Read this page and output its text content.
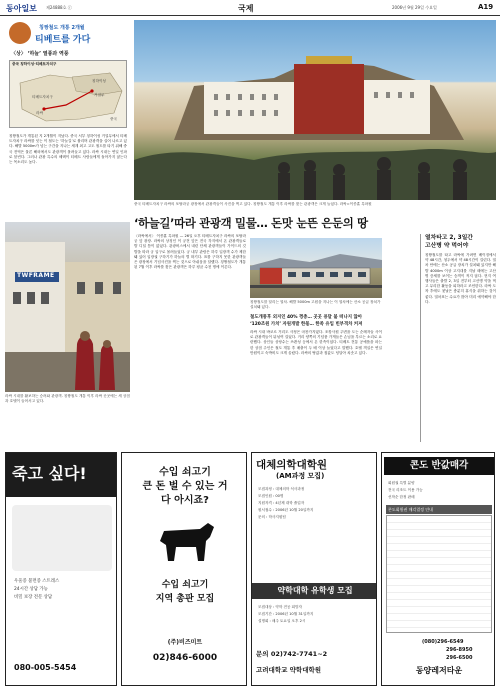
동아일보 제24888호 ⓒ	국제	2006년 9월 29일 수요일	A19
칭짱철도 개통 2개월
티베트를 가다
〈상〉 ‘하늘’ 열풍과 역풍
중국 칭하이성-티베트자치구
칭하이성
거얼무
라싸
티베트자치구
중국
칭짱철도가 개통된 지 2개월이 지났다. 중국 서부 칭하이성 거얼무에서 티베트자치구 라싸를 잇는 이 철도는 ‘하늘길’로 불리며 관광객을 실어 나르고 있다. 해발 5000m가 넘는 구간을 지나는 세계 최고 고도 철도를 타기 위해 중국 전역은 물론 해외에서도 관광객이 몰려들고 있다. 라싸 시내는 연일 인파로 붐빈다. 그러나 관광 특수의 혜택이 티베트 사람들에게 돌아가지 않는다는 목소리도 높다.
중국 티베트자치구 라싸의 포탈라궁 광장에서 관광객들이 사진을 찍고 있다. 칭짱철도 개통 이후 라싸를 찾는 관광객은 크게 늘었다. 라싸=이종훈 특파원
‘하늘길’따라 관광객 밀물… 돈맛 눈뜬 은둔의 땅
칭짱철도를 달리는 열차. 해발 5000m 고원을 지나는 이 열차에는 산소 공급 장치가 설치돼 있다.
철도개통후 외지인 40% 껑충… 곳곳 용달 불 떠나지 않아
‘120조원 가치’ 자원개발 한몫… 한족 유입 빈부격차 커져
TWFRAME
라싸 시내를 활보하는 승려와 관광객. 칭짱철도 개통 이후 라싸 곳곳에는 새 상점과 호텔이 들어서고 있다.
〈라싸에서〉 이종훈 특파원 — 26일 오후 티베트자치구 라싸의 포탈라궁 앞 광장. 라싸의 상징인 이 궁전 앞은 전국 각지에서 온 관광객들로 발 디딜 틈이 없었다. 관광버스에서 내린 단체 관광객들이 가이드의 깃발을 따라 궁 입구로 몰려들었다. 궁 내부 관람은 하루 입장객 수가 제한돼 있어 입장권 구하기가 하늘의 별 따기다. 표를 구하지 못한 관광객들은 광장에서 기념사진을 찍는 것으로 아쉬움을 달랬다. 칭짱철도가 개통된 7월 이후 라싸를 찾은 관광객은 하루 평균 수천 명에 이른다.
라싸 시내 바코르 거리도 사정은 마찬가지였다. 조캉사원 주변을 도는 순례자들 사이로 관광객들이 뒤섞여 걸었다. 거리 양쪽의 기념품 가게들은 손님을 부르는 소리로 요란했다. 상인들 상당수는 쓰촨성 등에서 온 한족이었다. 티베트 전통 공예품을 파는 한 상점 주인은 철도 개통 후 매출이 두 배 이상 늘었다고 말했다. 호텔 객실은 연일 만원이고 숙박비도 크게 올랐다. 라싸의 땅값과 집값도 덩달아 치솟고 있다.
열차타고 2, 3일간
고산병 약 먹어야
칭짱철도를 타고 라싸에 가려면 베이징에서 약 48시간, 청두에서 약 48시간이 걸린다. 열차 안에는 산소 공급 장치가 설치돼 있지만 해발 4000m 이상 고지대를 지날 때에는 고산병 증세를 보이는 승객이 적지 않다. 현지 여행사들은 출발 2, 3일 전부터 고산병 약을 먹고 무리한 활동을 피하라고 조언한다. 라싸 도착 후에도 첫날은 충분히 휴식을 취하는 것이 좋다. 열차표는 수요가 많아 미리 예약해야 한다.
죽고 싶다!
우울증 불면증 스트레스
24시간 상담 가능
비밀 보장 전문 상담
080-005-5454
수입 쇠고기
큰 돈 벌 수 있는 거
다 아시죠?
수입 쇠고기
지역 총판 모집
(주)비즈미트
02)846-6000
대체의학대학원
(AM과정 모집)
모집과정 : 대체의학 석사과정
모집인원 : 00명
지원자격 : 4년제 대학 졸업자
원서접수 : 2006년 10월 20일까지
문의 : 학사지원팀
약학대학 유학생 모집
모집대상 : 약학 전공 희망자
모집기간 : 2006년 10월 31일까지
설명회 : 매주 토요일 오후 2시
문의 02)742-7741~2
고려대학교 약학대학원
콘도 반값매각
회원권 특별 분양
전국 리조트 이용 가능
선착순 한정 판매
콘도회원권 매각결정 안내
(080)296-6549
296-8950
296-6500
동양레저타운
